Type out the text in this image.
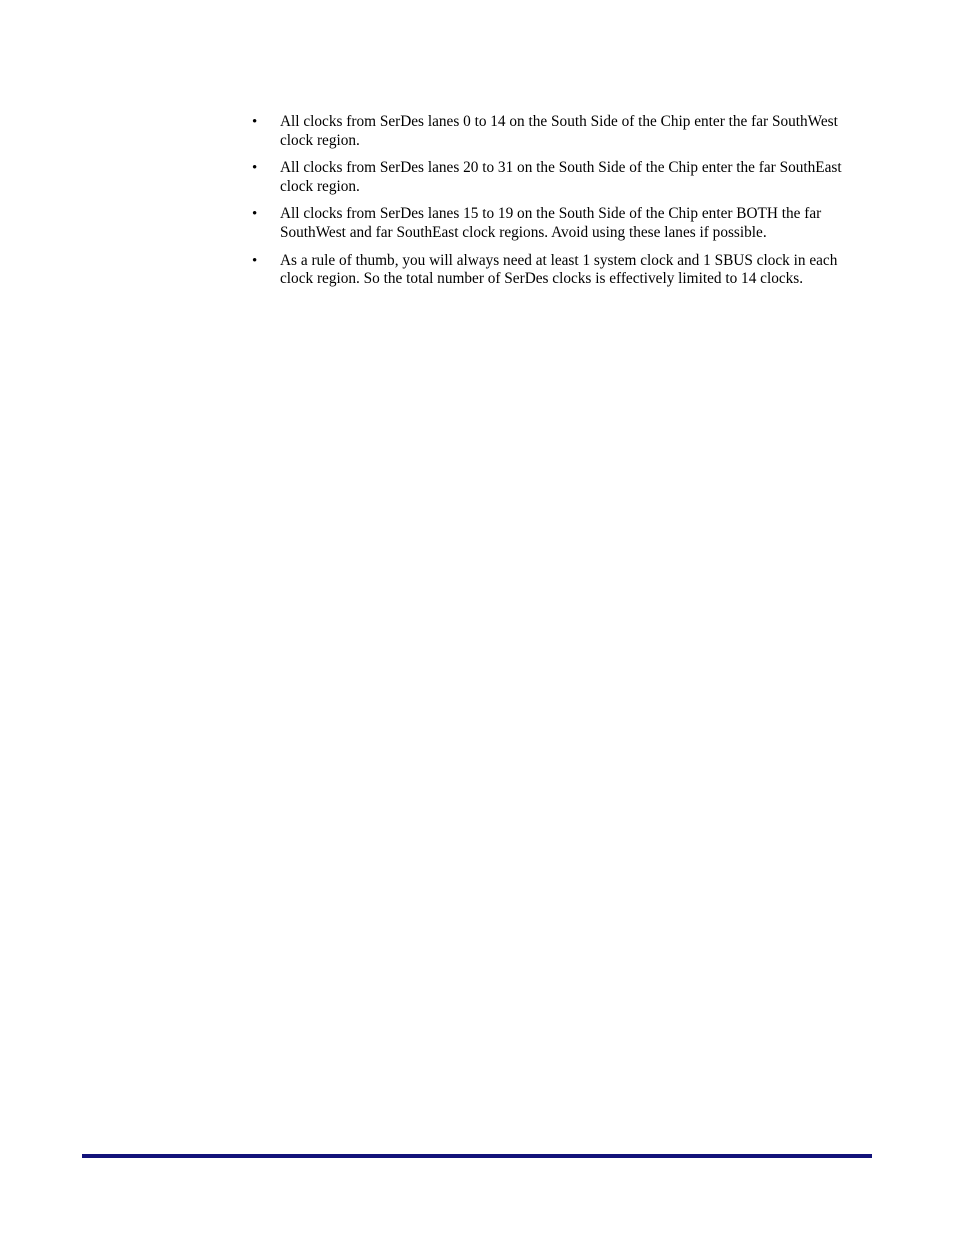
•	All clocks from SerDes lanes 0 to 14 on the South Side of the Chip enter the far SouthWest clock region.
•	All clocks from SerDes lanes 20 to 31 on the South Side of the Chip enter the far SouthEast clock region.
•	All clocks from SerDes lanes 15 to 19 on the South Side of the Chip enter BOTH the far SouthWest and far SouthEast clock regions. Avoid using these lanes if possible.
•	As a rule of thumb, you will always need at least 1 system clock and 1 SBUS clock in each clock region. So the total number of SerDes clocks is effectively limited to 14 clocks.
